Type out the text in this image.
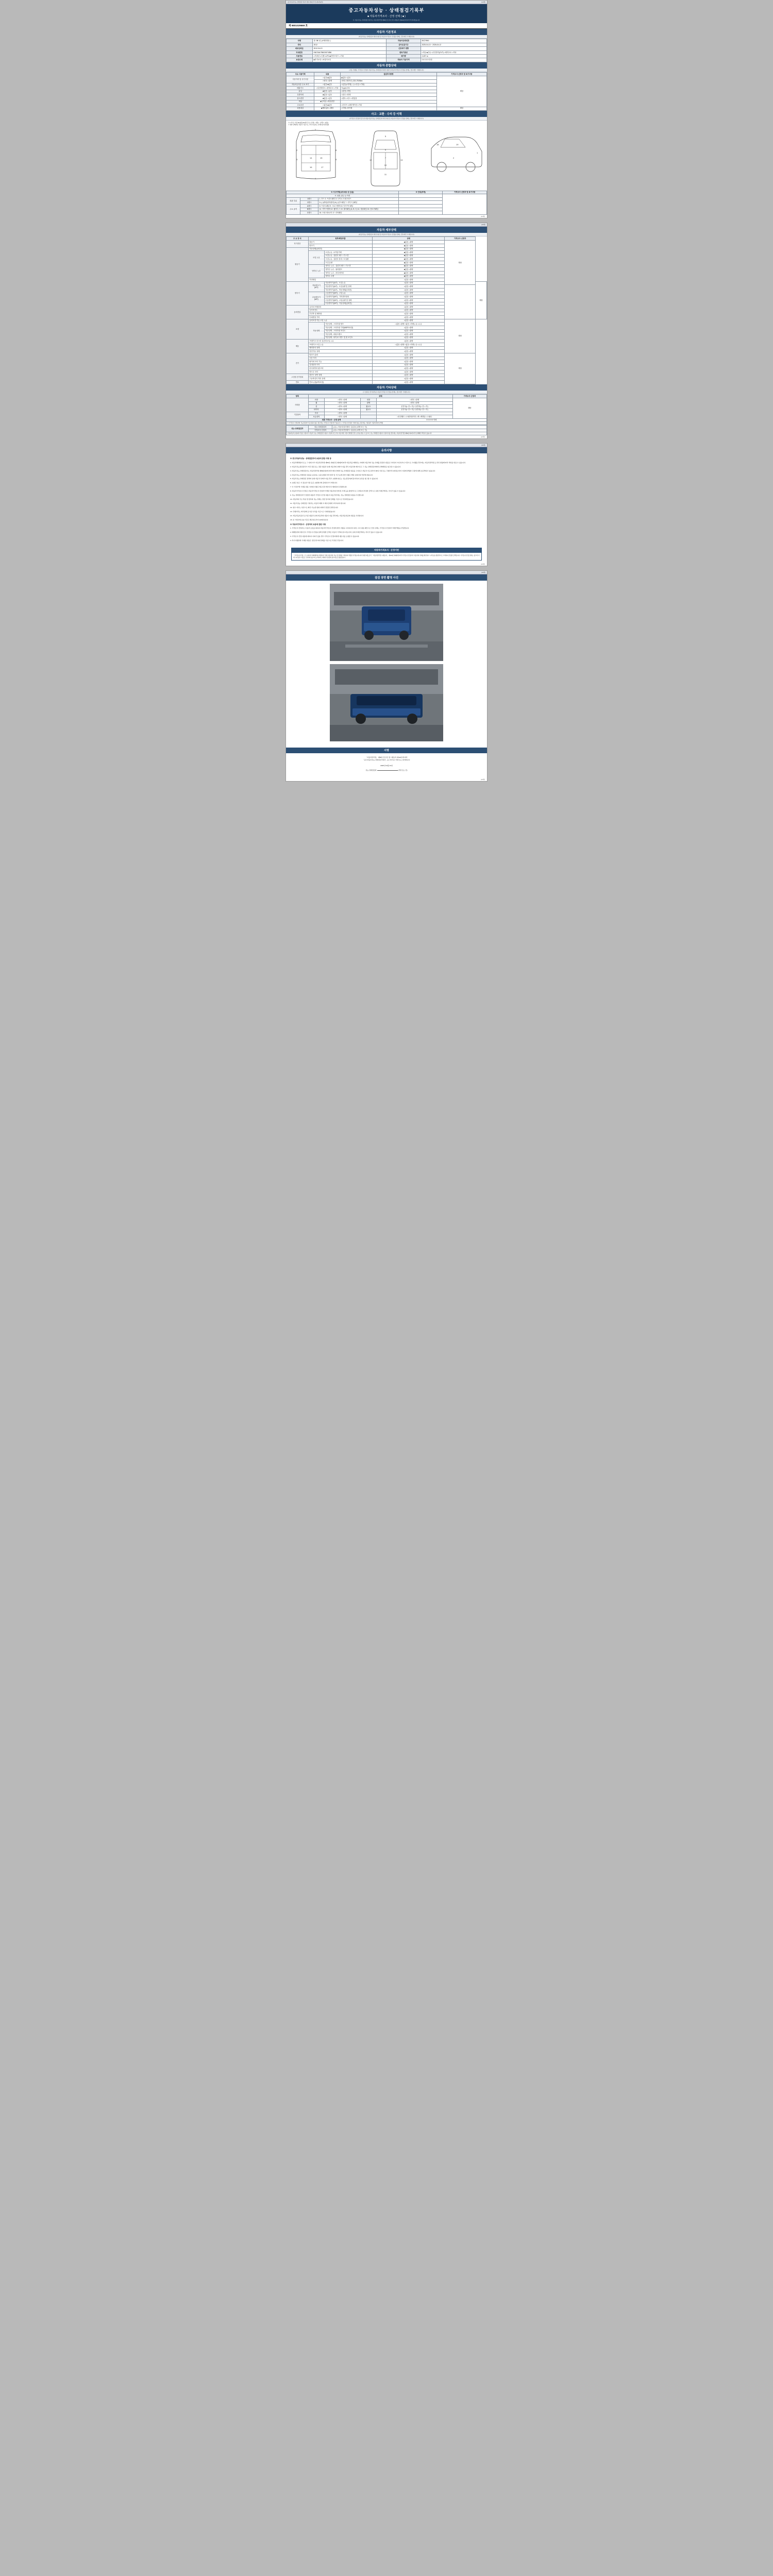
중고자동차성능·상태점검기록부 (별지 제3호서식) 제1쪽(4면)	(1/4면)
중고자동차성능 · 상태점검기록부
■ 자동차가격조사 · 산정 선택 ( ■ )
이 자동차성능·상태점검기록부는 자동차관리법 제58조 및 같은 법 시행규칙 제120조에 따라 작성되었습니다.
제 9801029669 호
자동차 기본정보
(자동차성능·상태점검자 확인사항 및 자동차가격조사·산정을 함께는 경우에만 기재합니다)
차명	봉고Ⅲ 1톤 (4세대냉동 )	자동차등록번호	83루3961
연식	2012	검사유효기간	2025-04-13 ~ 2026-04-12
최초등록일	2012-04-13	신관세기 경환	
차대번호	KNCSA17B6CK574356	변속기종류	□자동 ■수동 □무단변속(CVT) □세미오토 □기타
사용연료	□가솔린 □디젤 □LPG ■하이브리드 □기타	배기량	2,497 cc
보증유형	■자가보증 □보험사보증	자동차 기준가격	0 0 0 0 0 만원
자동차 종합상태
(사용·주행중, 가격조사·산정자 자동차성능·상태점검자 확인사항 및 자동차가격조사·산정을 함께는 경우에만 기재합니다)
주요 사용이력	내용	점검자사항명	가격조사·산정자 및 특기사항
사용이력 및 특기사항	□있음 ■없음	■없음 □있음	해당
	□양호 □불량	현재 주행거리 | 221,7919km	
자동차등록증 주요 표기	□없음 ■있음	□있음(□적색(○,○) □수입 □기타)	
배출가스	□일산화탄소 □탄화수소 □기타	% ppm 1%	
튜닝	■없음 □있음	□불법 □적법	
특별이력	■없음 □있음	□침수 □화재	
용도변경	■없음 □있음	□렌트 □리스 □영업용	
색상	■무색상 □색상변경		
주요옵션	□없음 ■있음	□선루프 □내비게이션 □기타	
리콜대상	■해당없음 □해당	□이행 □미이행	해당
사고 · 교환 · 수리 등 이력
(가격조사·산정자 및 특기사항 자동차성능·상태점검자 확인사항 및 자동차가격조사·산정을 함께는 경우에만 기재합니다)
※ (사고로 기준) ■ (없음) ■ (판금 또는 용접) · 대물) · (교환) · (없음) ·
※ 위와 당해부분 상용부 기준으로, 기타 자동차는 상세부분에 한정함
1
2
3
8
9
4
14	15
16	17
5
6
7
10
11
12	13
18	19
1
2
※ 사고이력(교차/대수 등 있음)			※ 단위(부재)	가격조사·산정자 및 특기사항
※ 교환, 판금 등 이력				
외판 부위	1랭크	1. 후드 2. 프론트펜더 3. 도어 4. 트렁크리드		
	2랭크	5. (○)쿼터(리어펜더) 6.(○)루프패널 7. 사이드실패널		
주요 골격	A랭크	8. 프론트패널 9. 크로스멤버 10. 인사이드패널		
	B랭크	11. 사이드멤버 12. 휠하우스 13. 필러패널 (A, B, C) 14. 대쉬패널 15. 플로어패널		
	C랭크	16. 트렁크플로어 17. 리어패널		
(1/4면)

(2/4면)
자동차 세부상태
(자동차성능·상태점검자 확인사항 및 자동차가격조사·산정을 함께는 경우에만 기재합니다)
주 요 장 치	항목/해당부품		상태	가격조사·산정자	
자기진단	원동기		■없음 □불량	해당	
	변속기		■없음 □불량		
원동기	작동상태(공회전)		■없음 □불량		
	오일 누유	오일누유 - 로커암커버	■없음 □불량		
		오일누유 - 실린더 헤드 / 가스켓	■없음 □불량		
		오일누유 - 실린더 블록 / 오일팬	■없음 □불량		
		오일 유량	■없음 □불량		
	냉각수 누수	냉각수 누수 - 실린더 헤드 / 가스켓	■없음 □불량		
		냉각수 누수 - 워터펌프	■없음 □불량		
		냉각수 누수 - 라디에이터	■없음 □불량		
		냉각수 수량	■없음 □불량		
	커먼레일		□없음 □불량		
변속기	자동변속기
(A/T)	자동변속기(A/T) - 오일누유	□없음 □불량		해당
		자동변속기(A/T) - 오일유량 및 상태	□없음 □불량		
		자동변속기(A/T) - 작동상태(공회전)	□없음 □불량		
	수동변속기
(M/T)	수동변속기(M/T) - 오일누유	□없음 □불량		
		수동변속기(M/T) - 기어변속장치	□없음 □불량		
		수동변속기(M/T) - 오일유량 및 상태	□없음 □불량		
		수동변속기(M/T) - 작동상태(공회전)	□없음 □불량		
동력전달	클러치 어셈블리		□없음 □불량		
	등속조인트		□없음 □불량		
	추진축 및 베어링		□없음 □불량		
	디퍼렌셜 기어		□없음 □불량		
조향	동력조향 작동 오일 누유		□없음 □불량	해당	
	작동상태	작동상태 - 스티어링 펌프	□없음 □불량 □없음 □미세누유 □누유		
		작동상태 - 스티어링 기어(MDPS포함)	□없음 □불량		
		작동상태 - 스티어링 조인트	□없음 □불량		
		작동상태 - 파워크랭크	□없음 □불량		
		작동상태 - 타이로드엔드 및 볼 조인트	□없음 □불량		
제동	브레이크 마스터 실린더오일 누유		□없음 □불량		
	브레이크 오일 누유		□없음 □불량 □없음 □미세누유 □누유		
	배력장치 상태		□없음 □불량		
	함진가동 상태		□없음 □불량		
전기	발전기 출력		□없음 □불량	해당	
	시동 모터		□없음 □불량		
	와이퍼 모터 기능		□없음 □불량		
	실내송풍 모터		□없음 □불량		
	라디에이터 팬 모터		□없음 □불량		
	윈도우 모터		□없음 □불량		
고전원 전기장치	충전구 절연 상태		□없음 □불량		
	구동축전지 격리 상태		□없음 □불량		
연료	연료누출(LPG포함)		□없음 □불량		
자동차 기타상태
(※ 항목은 휴식대부분 자동차가격조사·산정을 함께는 경우에만 기재합니다)
항목	상태				가격조사·산정자
사외품	외장	□양호 □불량	내장	□양호 □불량	해당
	휠	□양호 □불량	광택	□양호 □불량	
	룸	□양호 □불량	휠시트	운전석(□ 전 □ 후) / 동반석(□ 전 □ 후)	
	타이어	□양호 □불량	휠시트	운전석(□ 전 □ 후) / 동반석(□ 전 □ 후)	
기본품목	속마	□양호 □불량			
	보유내역	□양호 □불량		□안전벨트 □스페어타이어 □잭 □잭핸들 □스패너	
최종 가격조사 · 산정 금액				0 0 0 0 0 만원	
※ 가격조사·산정자와 성능점검자가 동일하지 않은 경우에는 가격조사·산정자가 적습니다. □ 가격조사·산정자 기재가 없는 경우에는 기본평가 기준에 의한 금액임					
성능·상태점검자	성능·상태점검자	(주)○○자동차검사정비 / 홍길동 (서명 또는 인)
	가격조사·산정자	(주)○○자동차진단평가 / 홍길동 (서명 또는 인)
보험(자동차보험)에 가입된 사업자가 자동차 성능·상태점검한 내용이 사실과 다르거나 자동차에 고장이 발생한 경우 보상을 받을 수 있으며, 성능·상태점검 내용이 사실과 다를 경우에는 자동차관리법 제58조의4에 따라 손해배상 책임이 있습니다.		
(2/4면)

(3/4면)
유의사항
※ 중고자동차성능 · 상태점검자의 보증에 관한 사항 등

1. 자동차해체업자 또는 그 밖의 자가 자동차관리법 제58조 제1항 및 제2항에 따라 자동차를 매매하는 자에게 자동차의 성능·상태를 점검한 내용을 고지하지 아니하거나 거짓으로 고지했을 경우에는 자동차관리법 등 관련 법령에 따라 처벌을 받을 수 있습니다.

2. 자동차성능점검장치가 거짓 점검 또는 점검 내용과 실제 자동차의 상태가 다를 경우 자동차의 매수인은 그 성능·상태점검자에게 손해배상을 청구할 수 있습니다.

3. 자동차성능·상태점검자는 자동차관리법 제58조의4에 따라 매수인에게 성능·상태점검 내용을 고지하고 자동차 인도일부터 30일 이내 또는 주행거리 2천킬로미터 이내에 발생한 고장에 대해 보증책임이 있습니다.

4. 자동차성능·상태점검 내용을 보증하는 보증보험의 처리 절차 및 기간 등에 관한 사항은 해당 보험사의 약관에 따릅니다.

5. 자동차성능·상태점검 결과와 실제 자동차 상태가 다를 경우 보험회사(또는 성능점검자)에 통지하여 보상을 청구할 수 있습니다.

6. 보험금 청구 시 필요한 서류 등은 보험회사에 문의하시기 바랍니다.

7. 이 기록부에 기재된 내용 이외의 사항은 매도인과 매수인이 협의하여 결정합니다.

8. 자동차가격조사·산정은 자동차가격조사·산정자가 해당 자동차의 상태 및 시세 등을 종합적으로 고려하여 산정한 금액으로 실제 거래금액과는 차이가 있을 수 있습니다.

9. 성능·상태점검자가 점검한 내용과 가격조사·산정 내용이 다를 경우에는 성능·상태점검 내용을 우선합니다.

10. 자동차의 주요 부품 및 장치의 성능·상태는 점검 당시의 상태를 기준으로 작성되었습니다.

11. 자동차성능·상태점검 기록부는 자동차 매매 시 매수인에게 교부하여야 합니다.

12. 침수 여부는 육안으로 확인 가능한 범위 내에서 점검한 결과입니다.

13. 주행거리는 계기판에 표시된 수치를 기준으로 기재하였습니다.

14. 자동차등록증상 표기된 내용과 실제 자동차의 내용이 다를 경우에는 자동차등록증의 내용을 우선합니다.

15. 본 기록부의 유효기간은 발급일로부터 120일입니다.

※ 자동차가격조사 · 산정자의 보증에 관한 사항

1. 가격조사·산정자는 이용자 보호를 위하여 자동차가격조사·산정에 관한 사항을 고지하여야 하며, 고지 내용 위반으로 인한 손해는 가격조사·산정자가 배상책임을 부담합니다.

2. 매매업자와 매수인이 가격조사·산정을 통해 결정한 금액은 자동차 가격의 참고자료이며, 실제 거래금액과는 차이가 있을 수 있습니다.

3. 가격조사·산정 내용에 대하여 이의가 있을 경우 가격조사·산정자에게 재조사를 요청할 수 있습니다.

4. 특기사항란에 기재된 내용은 점검 당시의 상태를 기준으로 작성된 것입니다.

자동차가격조사 · 산정이란
「가격조사·산정」은 소비자가 매매계약을 체결하기 전에 자동차의 성능 및 상태를 고려하여 적정한 가격을 제시하기 위한 제도로서 「자동차관리법 시행규칙」 제120조 제2항에 따라 가격조사·산정자가 자동차의 상태를 확인하고 시세 등을 종합적으로 고려하여 산정한 금액입니다. 가격조사·산정 결과는 중고차 거래 시의 참고 자료로 구속력이 없으며 소비자의 구매여부 결정에 참고자료로 활용됩니다.
(3/4면)

(4/4면)
점검 장면 촬영 사진
서명
「자동차관리법」 제58조 및 같은 법 시행규칙 제120조에 따라
「중고자동차성능·상태점검기록부」를 교부하고 서명 또는 날인합니다.
2025년 04월 13일
성능·상태점검자	(서명 또는 인)
(4/4면)
